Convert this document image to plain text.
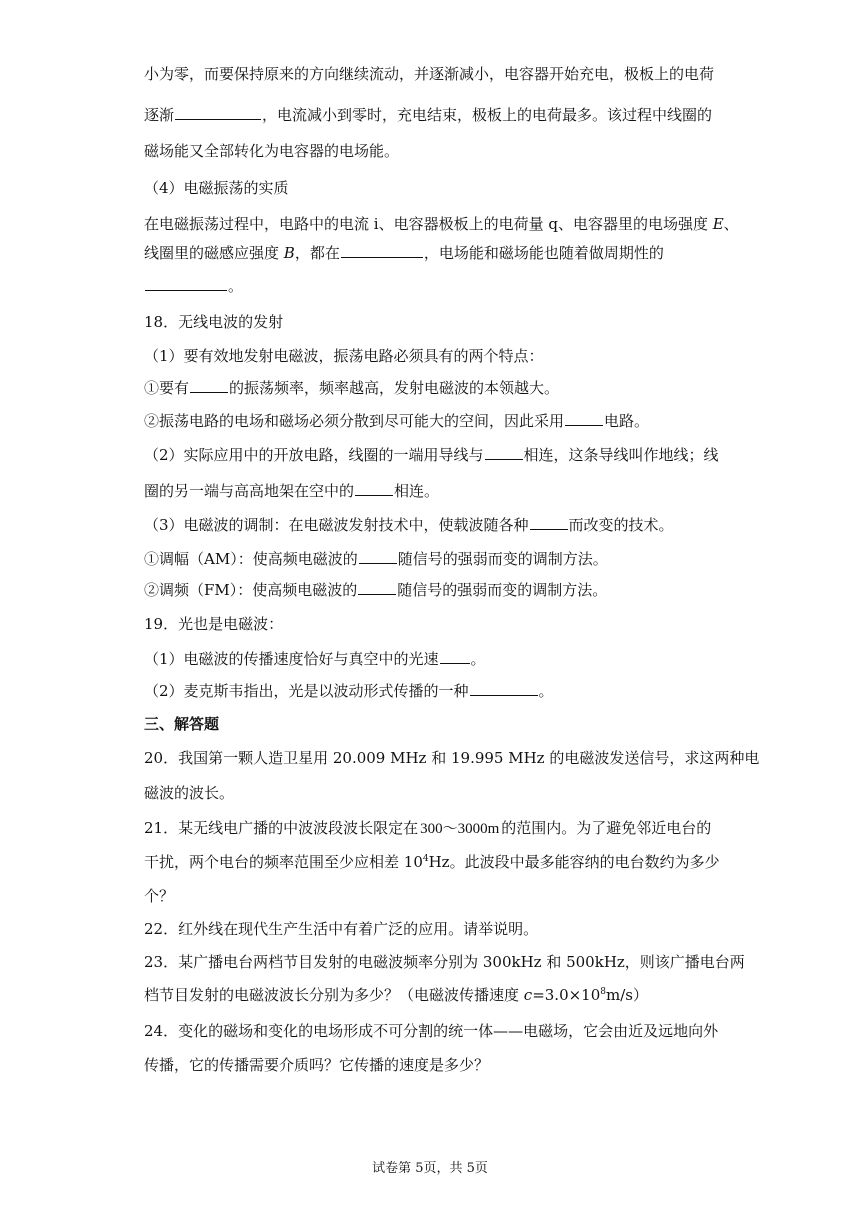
小为零，而要保持原来的方向继续流动，并逐渐减小，电容器开始充电，极板上的电荷
逐渐	，电流减小到零时，充电结束，极板上的电荷最多。该过程中线圈的
磁场能又全部转化为电容器的电场能。
（4）电磁振荡的实质
在电磁振荡过程中，电路中的电流 i、电容器极板上的电荷量 q、电容器里的电场强度 E、
线圈里的磁感应强度 B，都在	，电场能和磁场能也随着做周期性的
。
18．无线电波的发射
（1）要有效地发射电磁波，振荡电路必须具有的两个特点：
①要有	的振荡频率，频率越高，发射电磁波的本领越大。
②振荡电路的电场和磁场必须分散到尽可能大的空间，因此采用	电路。
（2）实际应用中的开放电路，线圈的一端用导线与	相连，这条导线叫作地线；线
圈的另一端与高高地架在空中的	相连。
（3）电磁波的调制：在电磁波发射技术中，使载波随各种	而改变的技术。
①调幅（AM）：使高频电磁波的	随信号的强弱而变的调制方法。
②调频（FM）：使高频电磁波的	随信号的强弱而变的调制方法。
19．光也是电磁波：
（1）电磁波的传播速度恰好与真空中的光速 。
（2）麦克斯韦指出，光是以波动形式传播的一种	。
三、解答题
20．我国第一颗人造卫星用 20.009 MHz 和 19.995 MHz 的电磁波发送信号，求这两种电
磁波的波长。
21．某无线电广播的中波波段波长限定在 300～3000m 的范围内。为了避免邻近电台的
干扰，两个电台的频率范围至少应相差 $10^4Hz$。此波段中最多能容纳的电台数约为多少
个？
22．红外线在现代生产生活中有着广泛的应用。请举说明。
23．某广播电台两档节目发射的电磁波频率分别为 300kHz 和 500kHz，则该广播电台两
档节目发射的电磁波波长分别为多少？（电磁波传播速度 $c=3.0\times 10^8m/s$）
24．变化的磁场和变化的电场形成不可分割的统一体——电磁场，它会由近及远地向外
传播，它的传播需要介质吗？它传播的速度是多少？
试卷第 5页，共 5页
